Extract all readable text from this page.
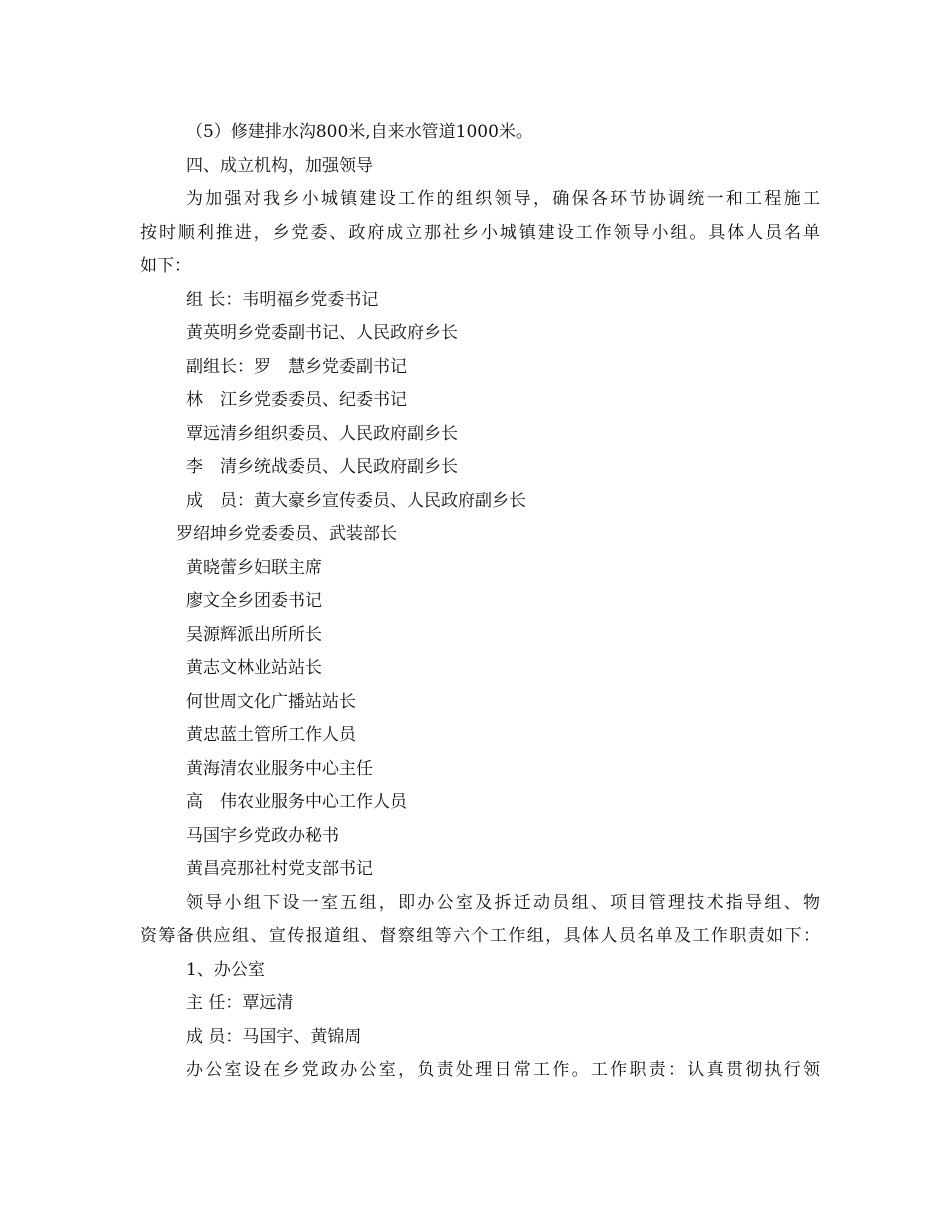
（5）修建排水沟800米,自来水管道1000米。
四、成立机构，加强领导
为加强对我乡小城镇建设工作的组织领导，确保各环节协调统一和工程施工
按时顺利推进，乡党委、政府成立那社乡小城镇建设工作领导小组。具体人员名单
如下：
组 长：韦明福乡党委书记
黄英明乡党委副书记、人民政府乡长
副组长：罗　慧乡党委副书记
林　江乡党委委员、纪委书记
覃远清乡组织委员、人民政府副乡长
李　清乡统战委员、人民政府副乡长
成　员：黄大豪乡宣传委员、人民政府副乡长
罗绍坤乡党委委员、武装部长
黄晓蕾乡妇联主席
廖文全乡团委书记
吴源辉派出所所长
黄志文林业站站长
何世周文化广播站站长
黄忠蓝土管所工作人员
黄海清农业服务中心主任
高　伟农业服务中心工作人员
马国宇乡党政办秘书
黄昌亮那社村党支部书记
领导小组下设一室五组，即办公室及拆迁动员组、项目管理技术指导组、物
资筹备供应组、宣传报道组、督察组等六个工作组，具体人员名单及工作职责如下：
1、办公室
主 任：覃远清
成 员：马国宇、黄锦周
办公室设在乡党政办公室，负责处理日常工作。工作职责：认真贯彻执行领
